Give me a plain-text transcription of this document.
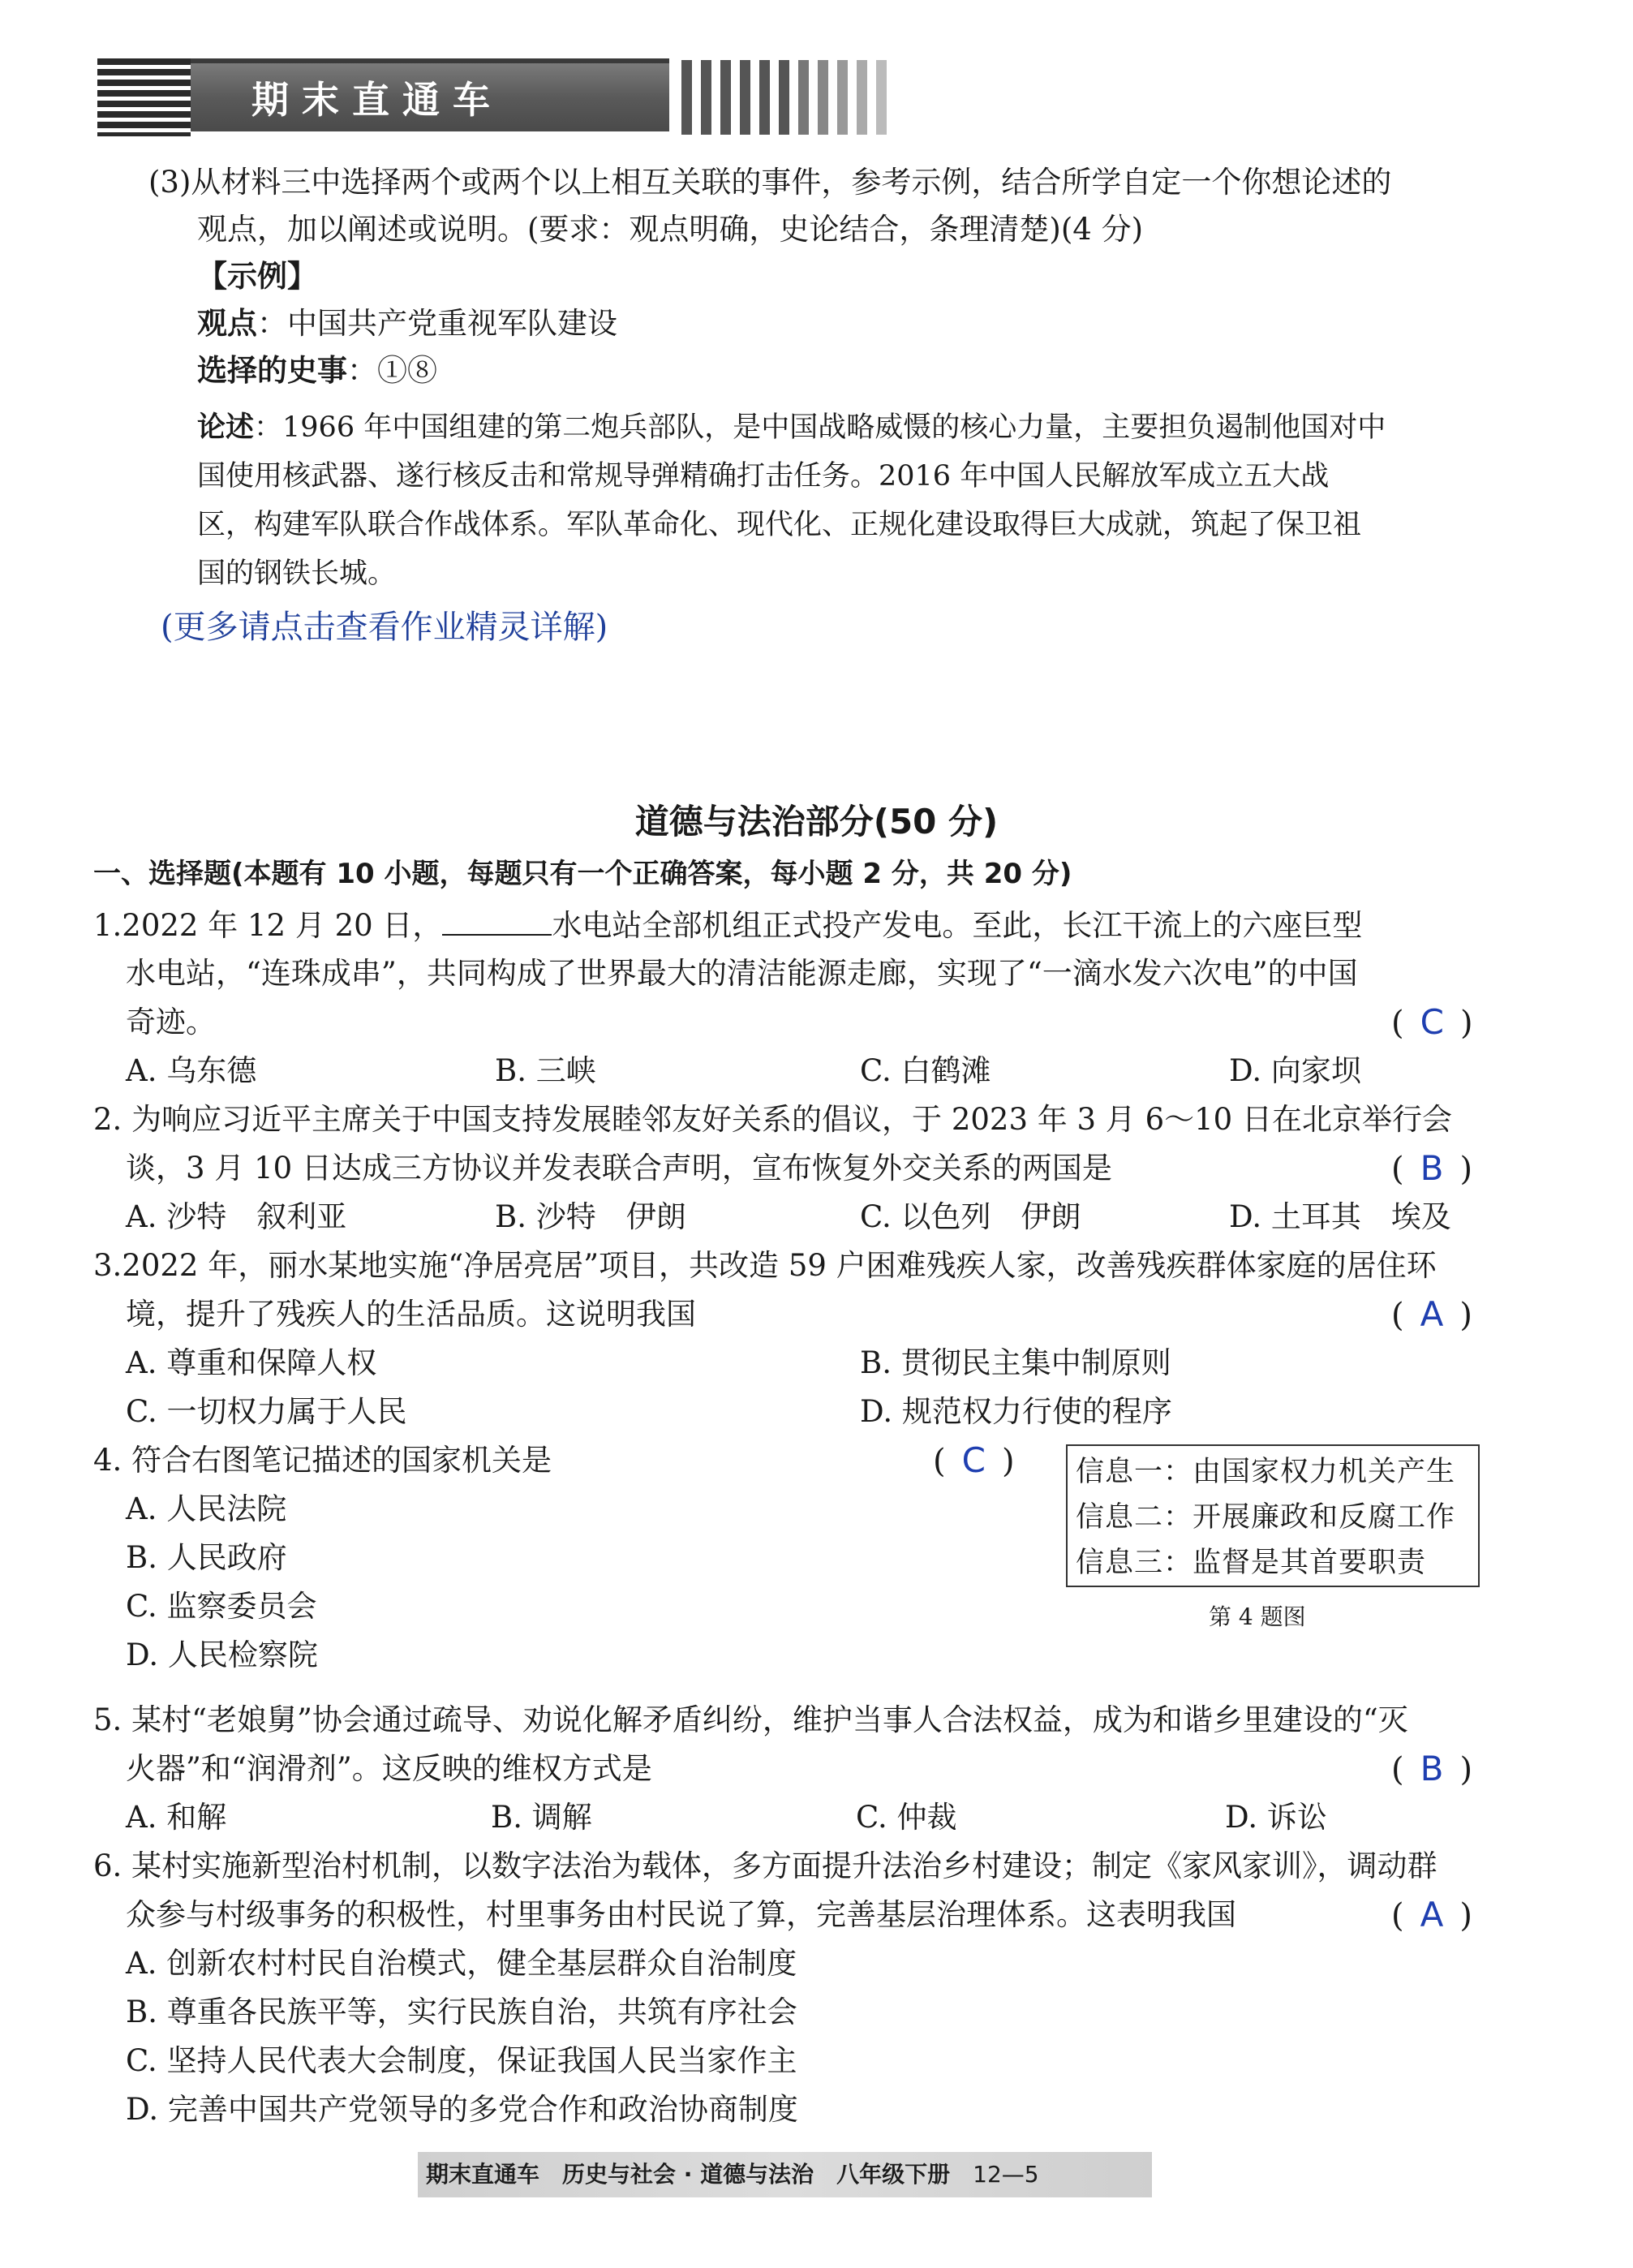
期末直通车
(3)从材料三中选择两个或两个以上相互关联的事件，参考示例，结合所学自定一个你想论述的
观点，加以阐述或说明。(要求：观点明确，史论结合，条理清楚)(4 分)
【示例】
观点：中国共产党重视军队建设
选择的史事：①⑧
论述：1966 年中国组建的第二炮兵部队，是中国战略威慑的核心力量，主要担负遏制他国对中
国使用核武器、遂行核反击和常规导弹精确打击任务。2016 年中国人民解放军成立五大战
区，构建军队联合作战体系。军队革命化、现代化、正规化建设取得巨大成就，筑起了保卫祖
国的钢铁长城。
(更多请点击查看作业精灵详解)
道德与法治部分(50 分)
一、选择题(本题有 10 小题，每题只有一个正确答案，每小题 2 分，共 20 分)
1.2022 年 12 月 20 日，	水电站全部机组正式投产发电。至此，长江干流上的六座巨型
水电站，“连珠成串”，共同构成了世界最大的清洁能源走廊，实现了“一滴水发六次电”的中国
奇迹。	( C )
A. 乌东德	B. 三峡	C. 白鹤滩	D. 向家坝
2. 为响应习近平主席关于中国支持发展睦邻友好关系的倡议，于 2023 年 3 月 6～10 日在北京举行会
谈，3 月 10 日达成三方协议并发表联合声明，宣布恢复外交关系的两国是	( B )
A. 沙特　叙利亚	B. 沙特　伊朗	C. 以色列　伊朗	D. 土耳其　埃及
3.2022 年，丽水某地实施“净居亮居”项目，共改造 59 户困难残疾人家，改善残疾群体家庭的居住环
境，提升了残疾人的生活品质。这说明我国	( A )
A. 尊重和保障人权	B. 贯彻民主集中制原则
C. 一切权力属于人民	D. 规范权力行使的程序
4. 符合右图笔记描述的国家机关是	( C )
A. 人民法院
B. 人民政府
C. 监察委员会
D. 人民检察院
信息一：由国家权力机关产生
信息二：开展廉政和反腐工作
信息三：监督是其首要职责
第 4 题图
5. 某村“老娘舅”协会通过疏导、劝说化解矛盾纠纷，维护当事人合法权益，成为和谐乡里建设的“灭
火器”和“润滑剂”。这反映的维权方式是	( B )
A. 和解	B. 调解	C. 仲裁	D. 诉讼
6. 某村实施新型治村机制，以数字法治为载体，多方面提升法治乡村建设；制定《家风家训》，调动群
众参与村级事务的积极性，村里事务由村民说了算，完善基层治理体系。这表明我国	( A )
A. 创新农村村民自治模式，健全基层群众自治制度
B. 尊重各民族平等，实行民族自治，共筑有序社会
C. 坚持人民代表大会制度，保证我国人民当家作主
D. 完善中国共产党领导的多党合作和政治协商制度
期末直通车 历史与社会 · 道德与法治 八年级下册 12—5
